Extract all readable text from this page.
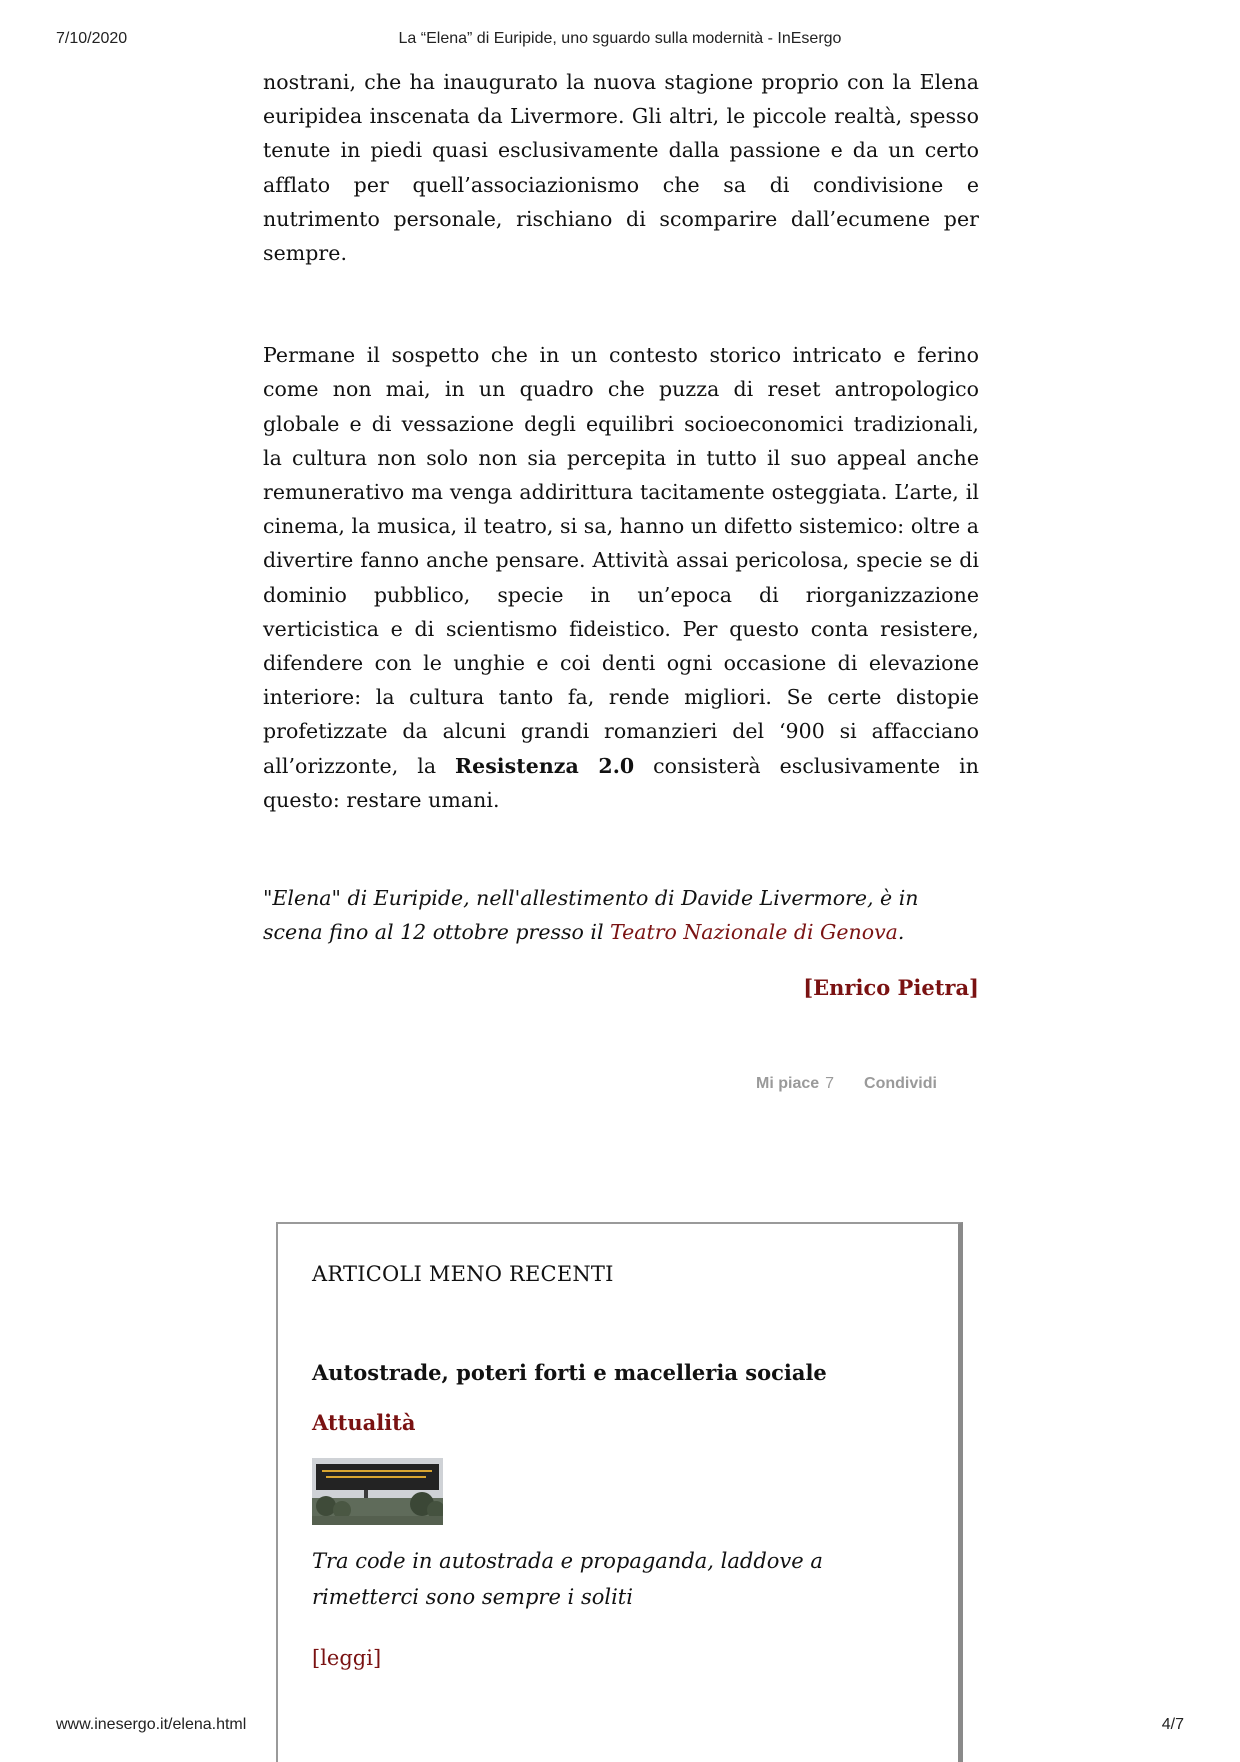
7/10/2020	La “Elena” di Euripide, uno sguardo sulla modernità - InEsergo

nostrani, che ha inaugurato la nuova stagione proprio con la Elena euripidea inscenata da Livermore. Gli altri, le piccole realtà, spesso tenute in piedi quasi esclusivamente dalla passione e da un certo afflato per quell’associazionismo che sa di condivisione e nutrimento personale, rischiano di scomparire dall’ecumene per sempre.

Permane il sospetto che in un contesto storico intricato e ferino come non mai, in un quadro che puzza di reset antropologico globale e di vessazione degli equilibri socioeconomici tradizionali, la cultura non solo non sia percepita in tutto il suo appeal anche remunerativo ma venga addirittura tacitamente osteggiata. L’arte, il cinema, la musica, il teatro, si sa, hanno un difetto sistemico: oltre a divertire fanno anche pensare. Attività assai pericolosa, specie se di dominio pubblico, specie in un’epoca di riorganizzazione verticistica e di scientismo fideistico. Per questo conta resistere, difendere con le unghie e coi denti ogni occasione di elevazione interiore: la cultura tanto fa, rende migliori. Se certe distopie profetizzate da alcuni grandi romanzieri del ‘900 si affacciano all’orizzonte, la Resistenza 2.0 consisterà esclusivamente in questo: restare umani.

"Elena" di Euripide, nell'allestimento di Davide Livermore, è in scena fino al 12 ottobre presso il Teatro Nazionale di Genova.

[Enrico Pietra]

Mi piace 7 Condividi
ARTICOLI MENO RECENTI
Autostrade, poteri forti e macelleria sociale

Attualità

Tra code in autostrada e propaganda, laddove a rimetterci sono sempre i soliti

[leggi]

www.inesergo.it/elena.html	4/7
